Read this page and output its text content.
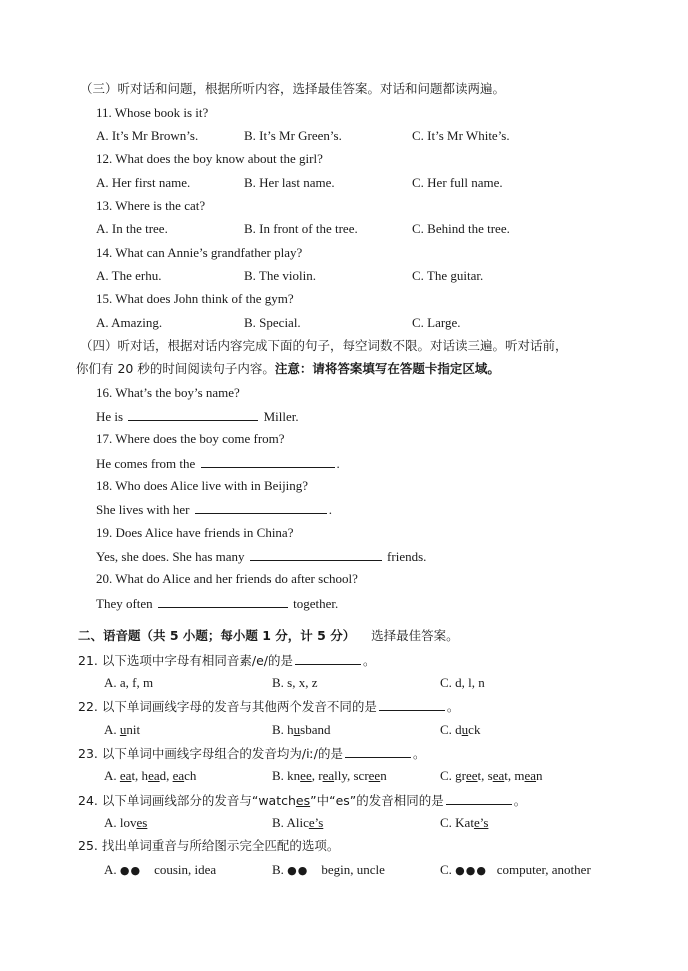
（三）听对话和问题，根据所听内容，选择最佳答案。对话和问题都读两遍。
11. Whose book is it?
A. It’s Mr Brown’s.	B. It’s Mr Green’s.	C. It’s Mr White’s.
12. What does the boy know about the girl?
A. Her first name.	B. Her last name.	C. Her full name.
13. Where is the cat?
A. In the tree.	B. In front of the tree.	C. Behind the tree.
14. What can Annie’s grandfather play?
A. The erhu.	B. The violin.	C. The guitar.
15. What does John think of the gym?
A. Amazing.	B. Special.	C. Large.
（四）听对话，根据对话内容完成下面的句子，每空词数不限。对话读三遍。听对话前，
你们有 20 秒的时间阅读句子内容。注意：请将答案填写在答题卡指定区域。
16. What’s the boy’s name?
He is	Miller.
17. Where does the boy come from?
He comes from the	.
18. Who does Alice live with in Beijing?
She lives with her	.
19. Does Alice have friends in China?
Yes, she does. She has many	friends.
20. What do Alice and her friends do after school?
They often	together.
二、语音题（共 5 小题；每小题 1 分，计 5 分） 选择最佳答案。
21. 以下选项中字母有相同音素/e/的是	。
A. a, f, m	B. s, x, z	C. d, l, n
22. 以下单词画线字母的发音与其他两个发音不同的是	。
A. unit	B. husband	C. duck
23. 以下单词中画线字母组合的发音均为/iː/的是	。
A. eat, head, each	B. knee, really, screen	C. greet, seat, mean
24. 以下单词画线部分的发音与“watches”中“es”的发音相同的是	。
A. loves	B. Alice’s	C. Kate’s
25. 找出单词重音与所给图示完全匹配的选项。
A. ●● cousin, idea	B. ●● begin, uncle	C. ●●● computer, another
